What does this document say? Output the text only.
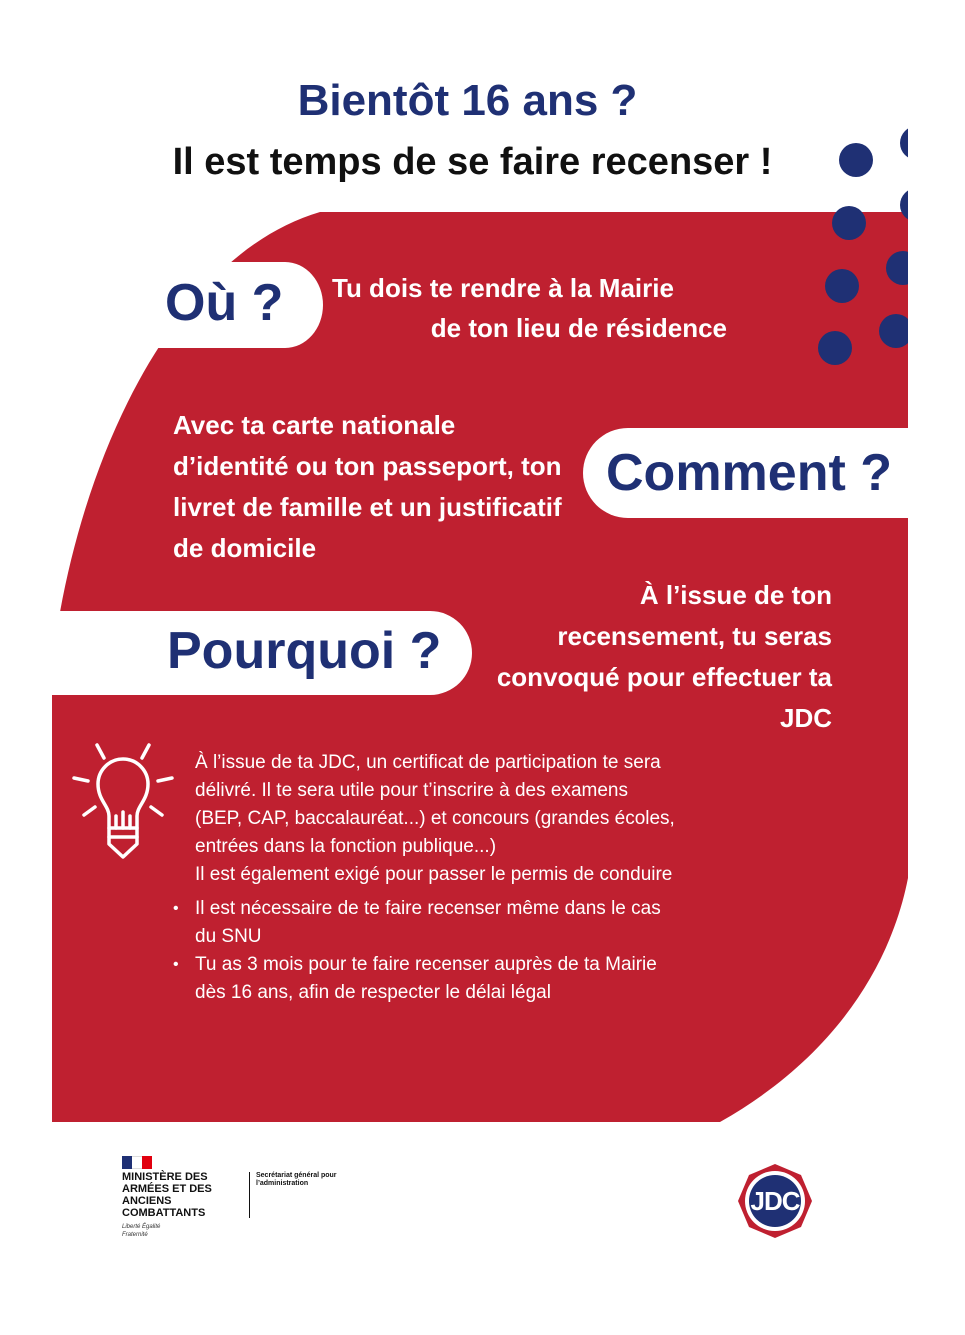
Bientôt 16 ans ?
Il est temps de se faire recenser !
Où ? Tu dois te rendre à la Mairie
de ton lieu de résidence
Avec ta carte nationale d’identité ou ton passeport, ton livret de famille et un justificatif de domicile
Comment ?
À l’issue de ton recensement, tu seras convoqué pour effectuer ta JDC
Pourquoi ?

À l’issue de ta JDC, un certificat de participation te sera délivré. Il te sera utile pour t’inscrire à des examens (BEP, CAP, baccalauréat...) et concours (grandes écoles, entrées dans la fonction publique...)

Il est également exigé pour passer le permis de conduire

• Il est nécessaire de te faire recenser même dans le cas du SNU
• Tu as 3 mois pour te faire recenser auprès de ta Mairie dès 16 ans, afin de respecter le délai légal
MINISTÈRE DES ARMÉES ET DES ANCIENS COMBATTANTS
Liberté Égalité Fraternité
Secrétariat général pour l’administration
JDC
